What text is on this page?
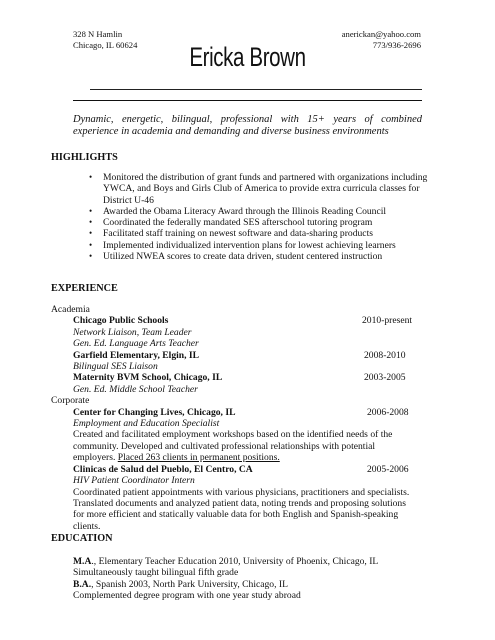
328 N Hamlin
Chicago, IL 60624
anerickan@yahoo.com
773/936-2696
Ericka Brown
Dynamic, energetic, bilingual, professional with 15+ years of combined experience in academia and demanding and diverse business environments
HIGHLIGHTS
• Monitored the distribution of grant funds and partnered with organizations including YWCA, and Boys and Girls Club of America to provide extra curricula classes for District U-46
• Awarded the Obama Literacy Award through the Illinois Reading Council
• Coordinated the federally mandated SES afterschool tutoring program
• Facilitated staff training on newest software and data-sharing products
• Implemented individualized intervention plans for lowest achieving learners
• Utilized NWEA scores to create data driven, student centered instruction
EXPERIENCE
Academia
Chicago Public Schools	2010-present
Network Liaison, Team Leader
Gen. Ed. Language Arts Teacher
Garfield Elementary, Elgin, IL	2008-2010
Bilingual SES Liaison
Maternity BVM School, Chicago, IL	2003-2005
Gen. Ed. Middle School Teacher
Corporate
Center for Changing Lives, Chicago, IL	2006-2008
Employment and Education Specialist
Created and facilitated employment workshops based on the identified needs of the
community. Developed and cultivated professional relationships with potential
employers. Placed 263 clients in permanent positions.
Clinicas de Salud del Pueblo, El Centro, CA	2005-2006
HIV Patient Coordinator Intern
Coordinated patient appointments with various physicians, practitioners and specialists.
Translated documents and analyzed patient data, noting trends and proposing solutions
for more efficient and statically valuable data for both English and Spanish-speaking
clients.
EDUCATION
M.A., Elementary Teacher Education 2010, University of Phoenix, Chicago, IL
Simultaneously taught bilingual fifth grade
B.A., Spanish 2003, North Park University, Chicago, IL
Complemented degree program with one year study abroad
